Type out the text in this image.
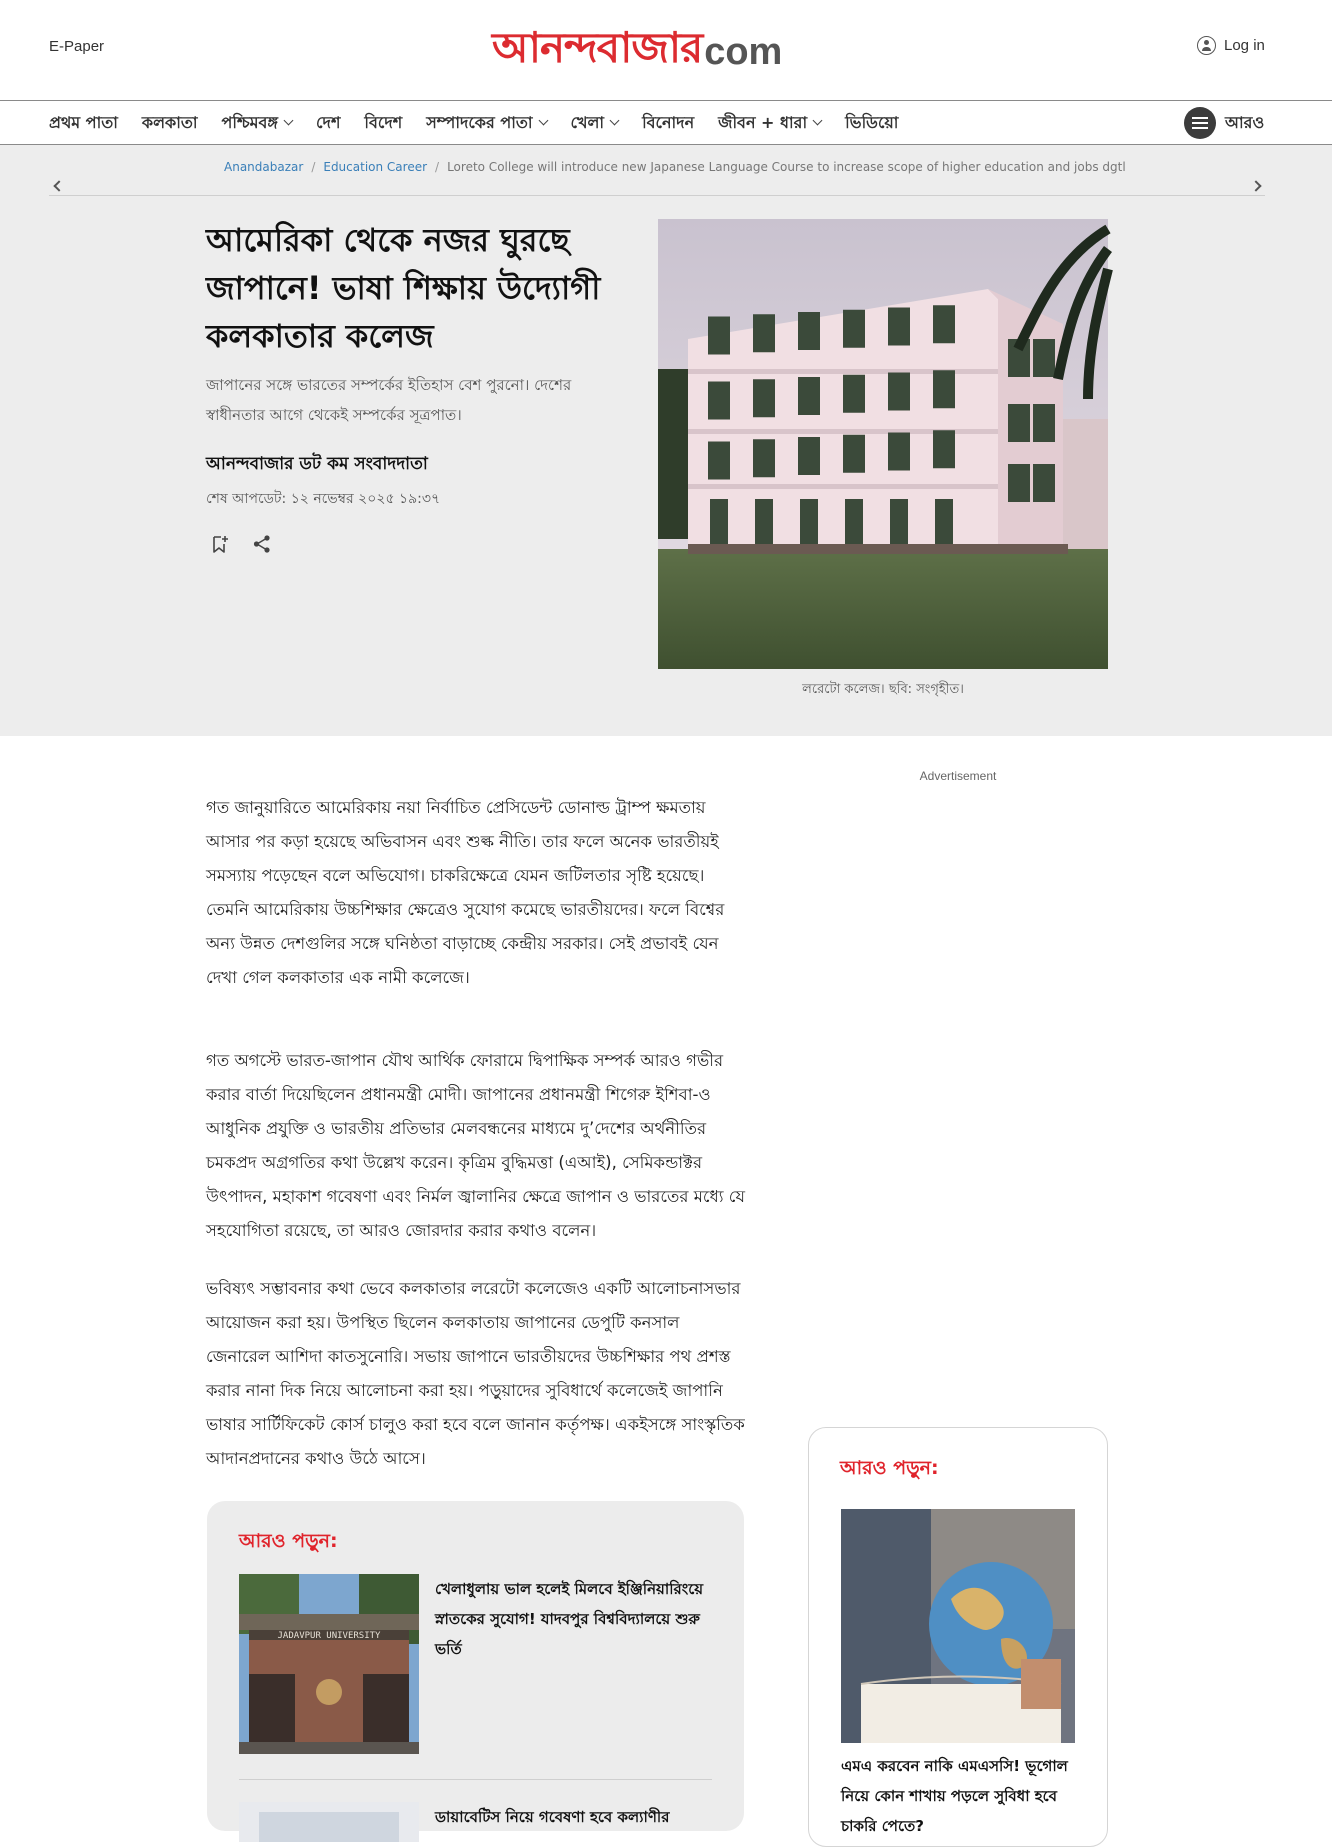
E-Paper	আনন্দবাজার com	Log in
প্রথম পাতা কলকাতা পশ্চিমবঙ্গ দেশ বিদেশ সম্পাদকের পাতা খেলা বিনোদন জীবন + ধারা ভিডিয়ো	আরও
Anandabazar / Education Career / Loreto College will introduce new Japanese Language Course to increase scope of higher education and jobs dgtl
আমেরিকা থেকে নজর ঘুরছে জাপানে! ভাষা শিক্ষায় উদ্যোগী কলকাতার কলেজ

জাপানের সঙ্গে ভারতের সম্পর্কের ইতিহাস বেশ পুরনো। দেশের স্বাধীনতার আগে থেকেই সম্পর্কের সূত্রপাত।

আনন্দবাজার ডট কম সংবাদদাতা
শেষ আপডেট: ১২ নভেম্বর ২০২৫ ১৯:৩৭
লরেটো কলেজ। ছবি: সংগৃহীত।
Advertisement

গত জানুয়ারিতে আমেরিকায় নয়া নির্বাচিত প্রেসিডেন্ট ডোনাল্ড ট্রাম্প ক্ষমতায় আসার পর কড়া হয়েছে অভিবাসন এবং শুল্ক নীতি। তার ফলে অনেক ভারতীয়ই সমস্যায় পড়েছেন বলে অভিযোগ। চাকরিক্ষেত্রে যেমন জটিলতার সৃষ্টি হয়েছে। তেমনি আমেরিকায় উচ্চশিক্ষার ক্ষেত্রেও সুযোগ কমেছে ভারতীয়দের। ফলে বিশ্বের অন্য উন্নত দেশগুলির সঙ্গে ঘনিষ্ঠতা বাড়াচ্ছে কেন্দ্রীয় সরকার। সেই প্রভাবই যেন দেখা গেল কলকাতার এক নামী কলেজে।

গত অগস্টে ভারত-জাপান যৌথ আর্থিক ফোরামে দ্বিপাক্ষিক সম্পর্ক আরও গভীর করার বার্তা দিয়েছিলেন প্রধানমন্ত্রী মোদী। জাপানের প্রধানমন্ত্রী শিগেরু ইশিবা-ও আধুনিক প্রযুক্তি ও ভারতীয় প্রতিভার মেলবন্ধনের মাধ্যমে দু’দেশের অর্থনীতির চমকপ্রদ অগ্রগতির কথা উল্লেখ করেন। কৃত্রিম বুদ্ধিমত্তা (এআই), সেমিকন্ডাক্টর উৎপাদন, মহাকাশ গবেষণা এবং নির্মল জ্বালানির ক্ষেত্রে জাপান ও ভারতের মধ্যে যে সহযোগিতা রয়েছে, তা আরও জোরদার করার কথাও বলেন।

ভবিষ্যৎ সম্ভাবনার কথা ভেবে কলকাতার লরেটো কলেজেও একটি আলোচনাসভার আয়োজন করা হয়। উপস্থিত ছিলেন কলকাতায় জাপানের ডেপুটি কনসাল জেনারেল আশিদা কাতসুনোরি। সভায় জাপানে ভারতীয়দের উচ্চশিক্ষার পথ প্রশস্ত করার নানা দিক নিয়ে আলোচনা করা হয়। পড়ুয়াদের সুবিধার্থে কলেজেই জাপানি ভাষার সার্টিফিকেট কোর্স চালুও করা হবে বলে জানান কর্তৃপক্ষ। একইসঙ্গে সাংস্কৃতিক আদানপ্রদানের কথাও উঠে আসে।

আরও পড়ুন:
JADAVPUR UNIVERSITY
খেলাধুলায় ভাল হলেই মিলবে ইঞ্জিনিয়ারিংয়ে স্নাতকের সুযোগ! যাদবপুর বিশ্ববিদ্যালয়ে শুরু ভর্তি
ডায়াবেটিস নিয়ে গবেষণা হবে কল্যাণীর
আরও পড়ুন:
এমএ করবেন নাকি এমএসসি! ভূগোল নিয়ে কোন শাখায় পড়লে সুবিধা হবে চাকরি পেতে?
